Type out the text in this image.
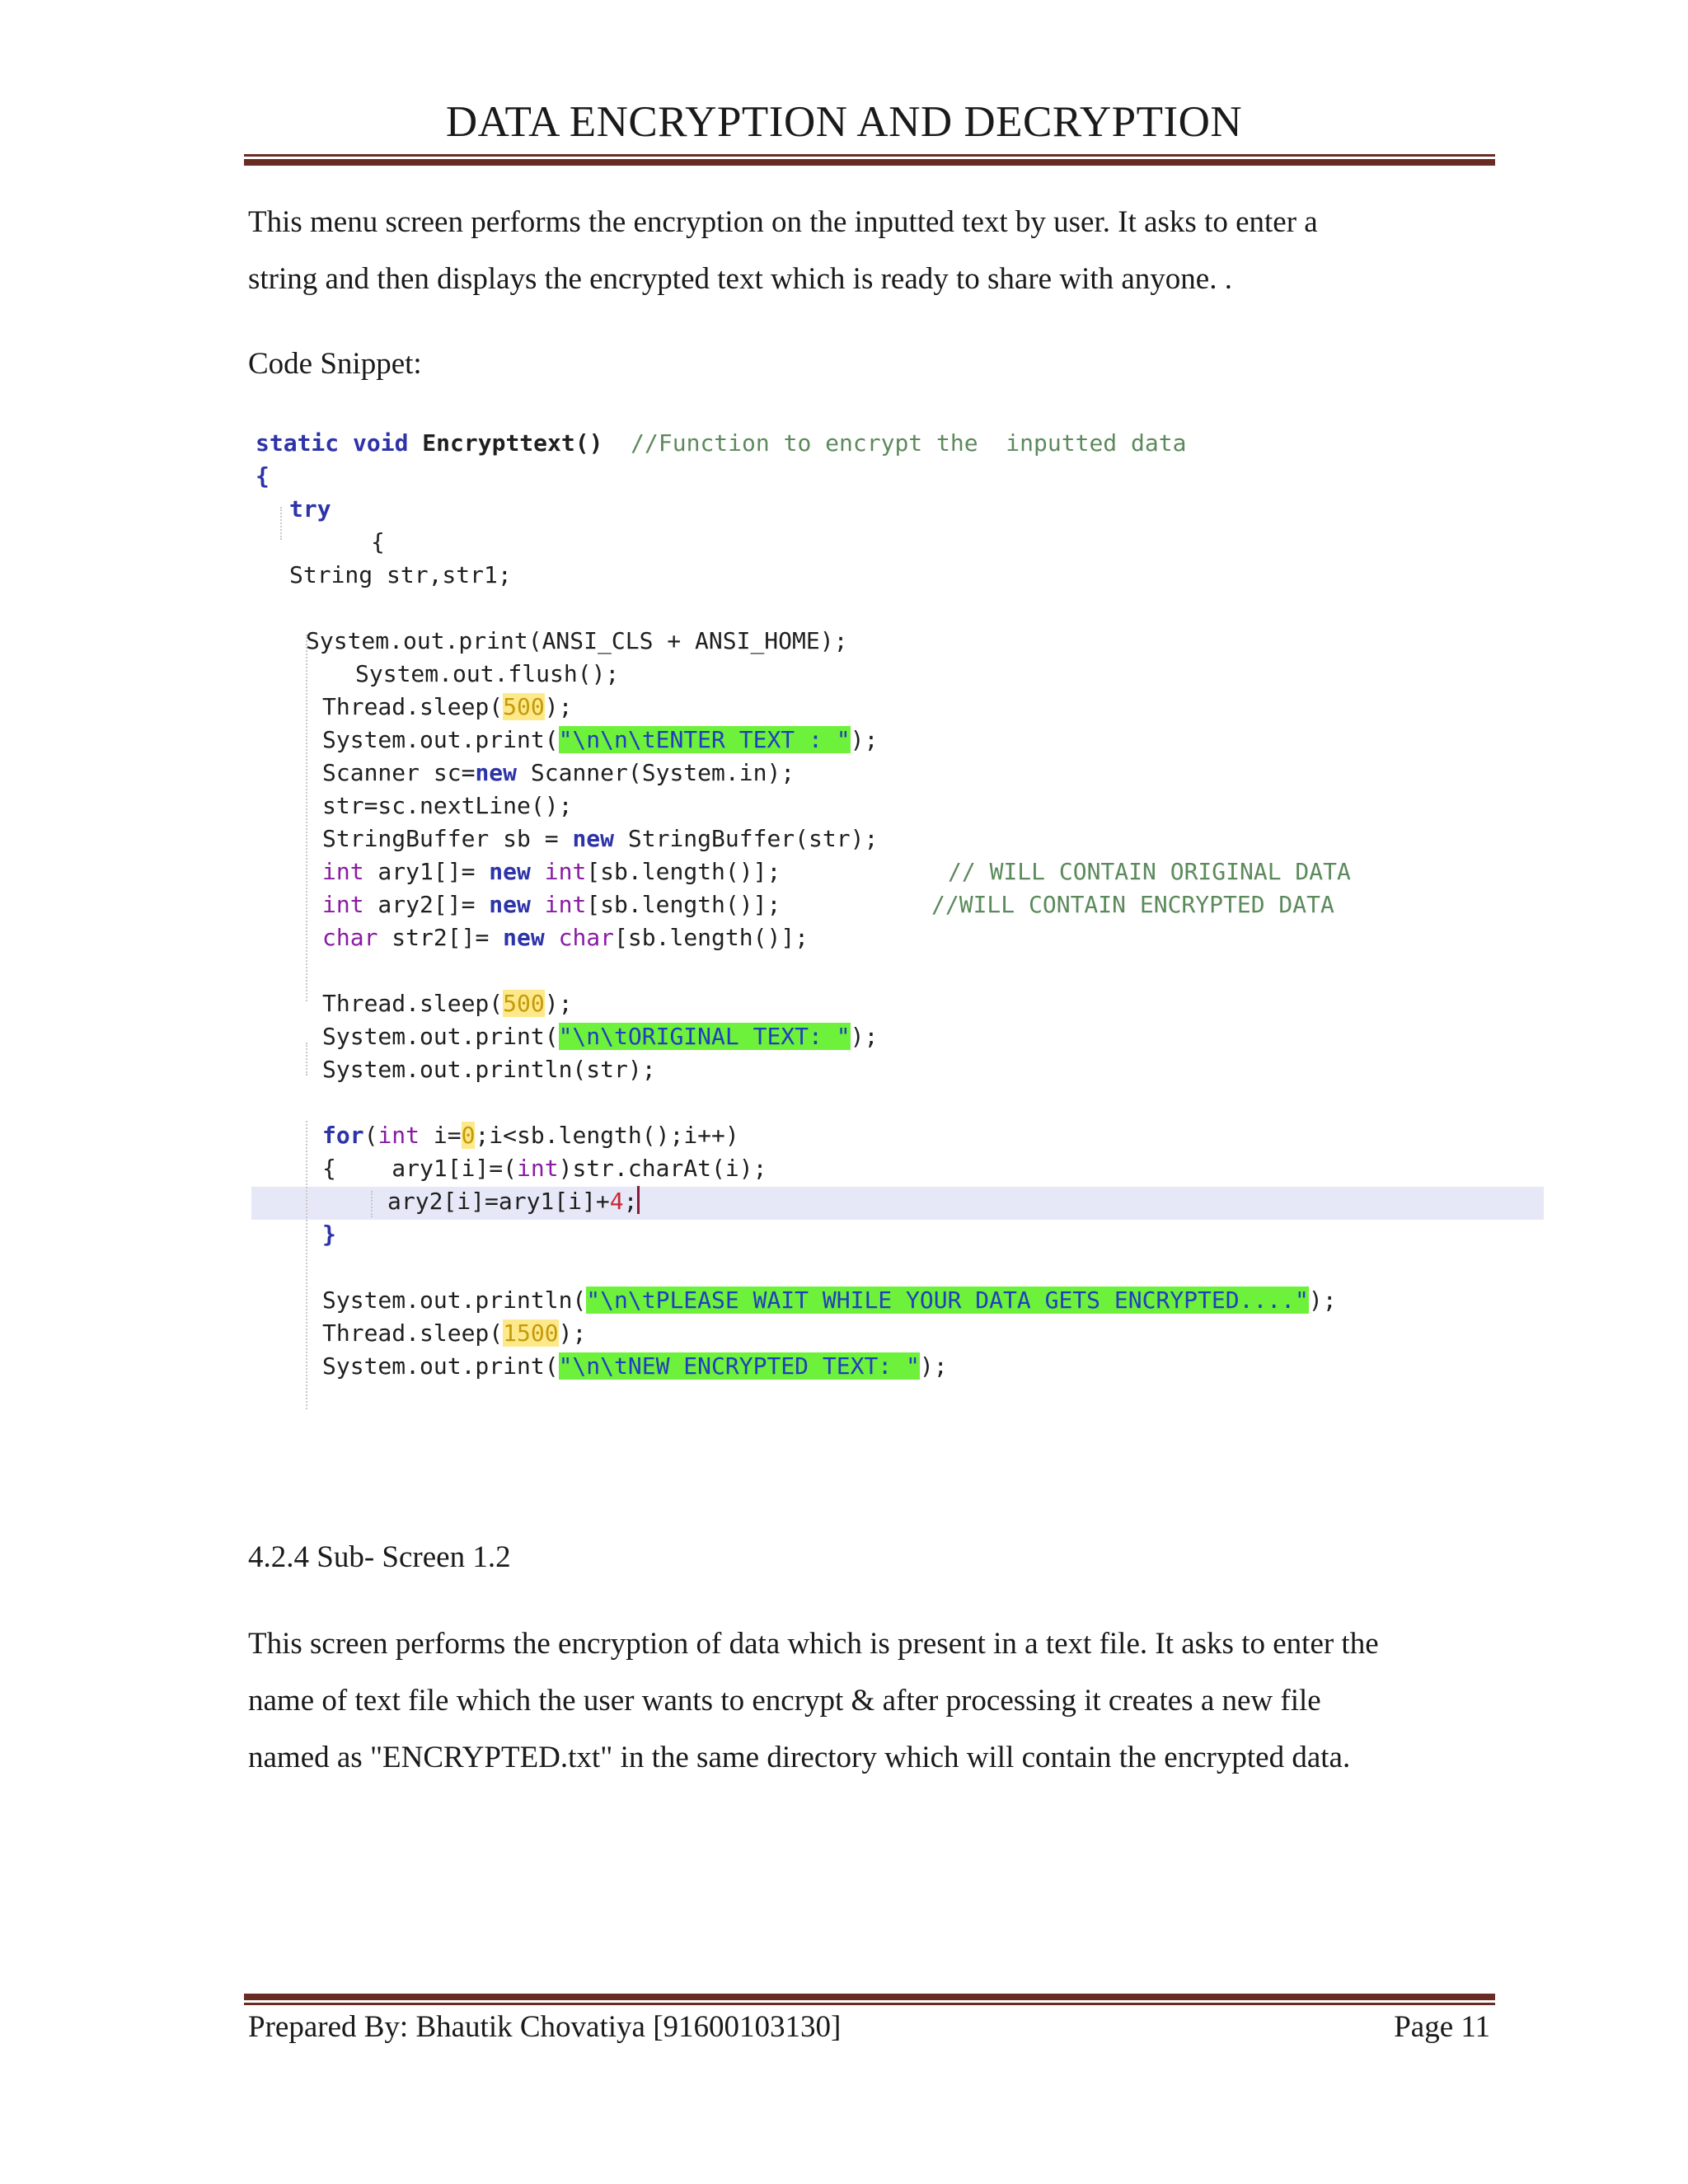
DATA ENCRYPTION AND DECRYPTION

This menu screen performs the encryption on the inputted text by user. It asks to enter a
string and then displays the encrypted text which is ready to share with anyone. .

Code Snippet:

static void Encrypttext()  //Function to encrypt the  inputted data
{
try
{
String str,str1;
System.out.print(ANSI_CLS + ANSI_HOME);
System.out.flush();
Thread.sleep(500);
System.out.print("\n\n\tENTER TEXT : ");
Scanner sc=new Scanner(System.in);
str=sc.nextLine();
StringBuffer sb = new StringBuffer(str);
int ary1[]= new int[sb.length()];	// WILL CONTAIN ORIGINAL DATA
int ary2[]= new int[sb.length()];	//WILL CONTAIN ENCRYPTED DATA
char str2[]= new char[sb.length()];
Thread.sleep(500);
System.out.print("\n\tORIGINAL TEXT: ");
System.out.println(str);
for(int i=0;i<sb.length();i++)
{    ary1[i]=(int)str.charAt(i);
ary2[i]=ary1[i]+4;
}
System.out.println("\n\tPLEASE WAIT WHILE YOUR DATA GETS ENCRYPTED....");
Thread.sleep(1500);
System.out.print("\n\tNEW ENCRYPTED TEXT: ");

4.2.4 Sub- Screen 1.2

This screen performs the encryption of data which is present in a text file. It asks to enter the
name of text file which the user wants to encrypt & after processing it creates a new file
named as "ENCRYPTED.txt" in the same directory which will contain the encrypted data.

Prepared By: Bhautik Chovatiya [91600103130]	Page 11
